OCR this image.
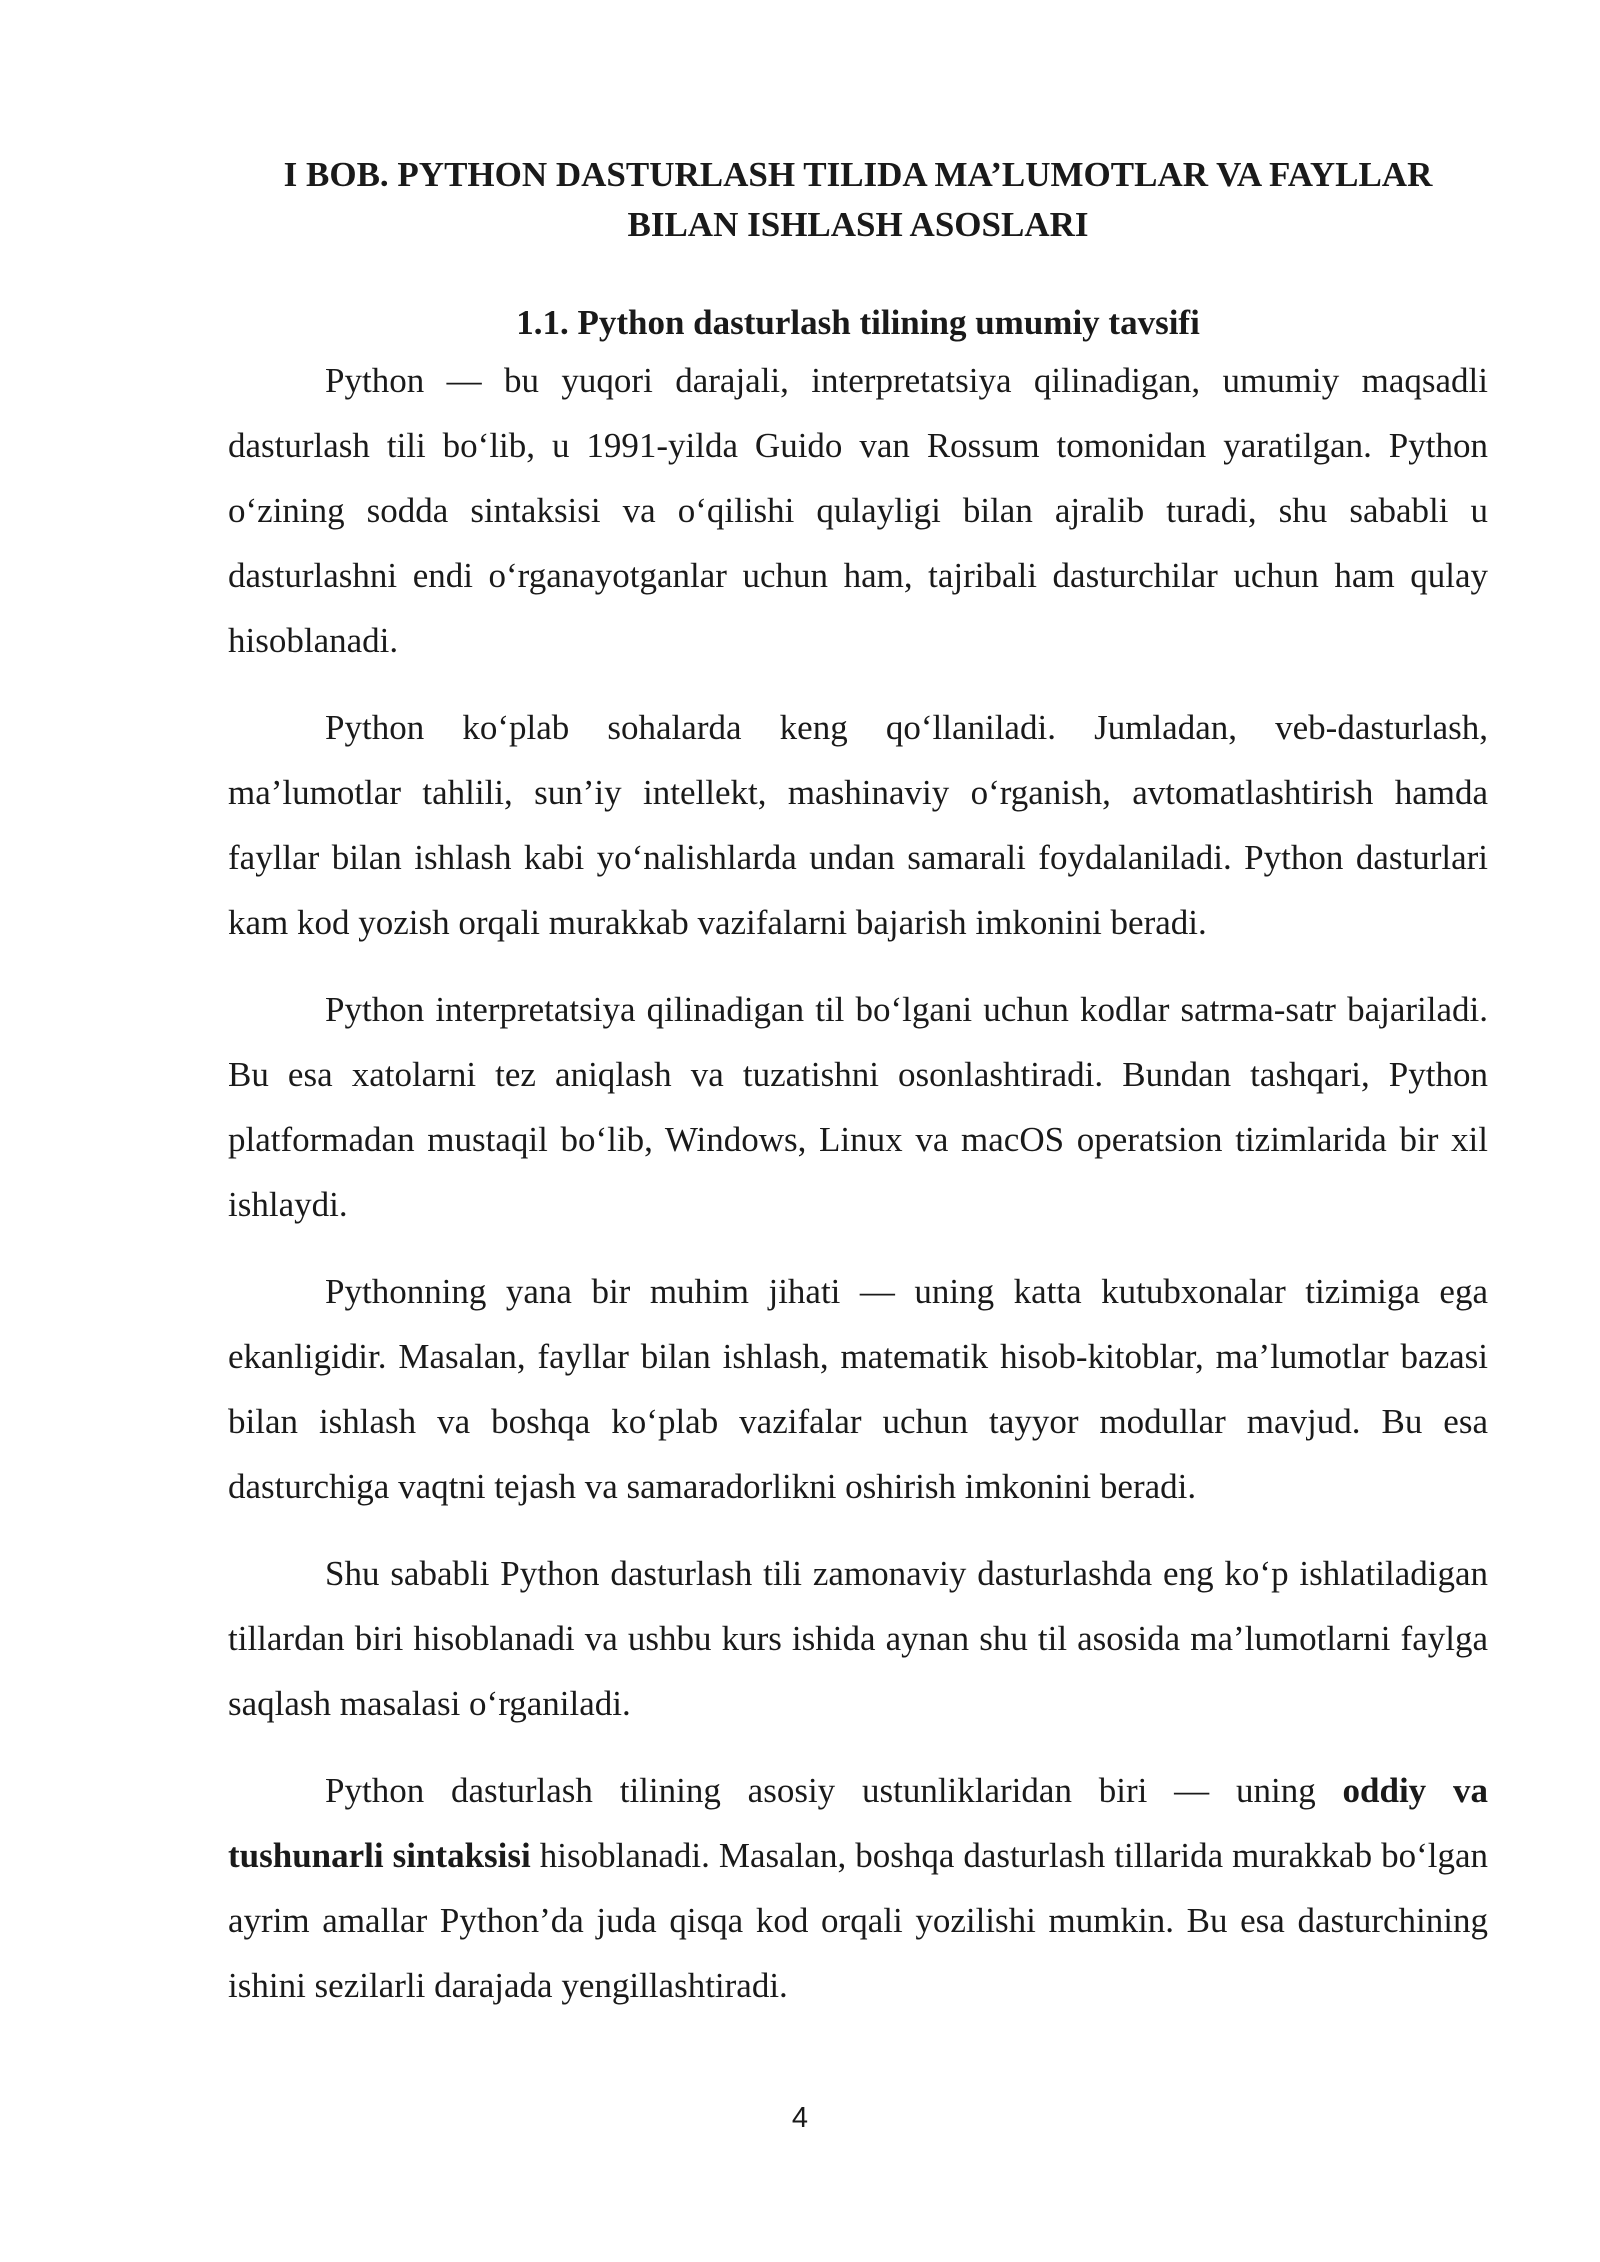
I BOB. PYTHON DASTURLASH TILIDA MA’LUMOTLAR VA FAYLLAR BILAN ISHLASH ASOSLARI
1.1. Python dasturlash tilining umumiy tavsifi

Python — bu yuqori darajali, interpretatsiya qilinadigan, umumiy maqsadli dasturlash tili bo‘lib, u 1991-yilda Guido van Rossum tomonidan yaratilgan. Python o‘zining sodda sintaksisi va o‘qilishi qulayligi bilan ajralib turadi, shu sababli u dasturlashni endi o‘rganayotganlar uchun ham, tajribali dasturchilar uchun ham qulay hisoblanadi.

Python ko‘plab sohalarda keng qo‘llaniladi. Jumladan, veb-dasturlash, ma’lumotlar tahlili, sun’iy intellekt, mashinaviy o‘rganish, avtomatlashtirish hamda fayllar bilan ishlash kabi yo‘nalishlarda undan samarali foydalaniladi. Python dasturlari kam kod yozish orqali murakkab vazifalarni bajarish imkonini beradi.

Python interpretatsiya qilinadigan til bo‘lgani uchun kodlar satrma-satr bajariladi. Bu esa xatolarni tez aniqlash va tuzatishni osonlashtiradi. Bundan tashqari, Python platformadan mustaqil bo‘lib, Windows, Linux va macOS operatsion tizimlarida bir xil ishlaydi.

Pythonning yana bir muhim jihati — uning katta kutubxonalar tizimiga ega ekanligidir. Masalan, fayllar bilan ishlash, matematik hisob-kitoblar, ma’lumotlar bazasi bilan ishlash va boshqa ko‘plab vazifalar uchun tayyor modullar mavjud. Bu esa dasturchiga vaqtni tejash va samaradorlikni oshirish imkonini beradi.

Shu sababli Python dasturlash tili zamonaviy dasturlashda eng ko‘p ishlatiladigan tillardan biri hisoblanadi va ushbu kurs ishida aynan shu til asosida ma’lumotlarni faylga saqlash masalasi o‘rganiladi.

Python dasturlash tilining asosiy ustunliklaridan biri — uning oddiy va tushunarli sintaksisi hisoblanadi. Masalan, boshqa dasturlash tillarida murakkab bo‘lgan ayrim amallar Python’da juda qisqa kod orqali yozilishi mumkin. Bu esa dasturchining ishini sezilarli darajada yengillashtiradi.

4
